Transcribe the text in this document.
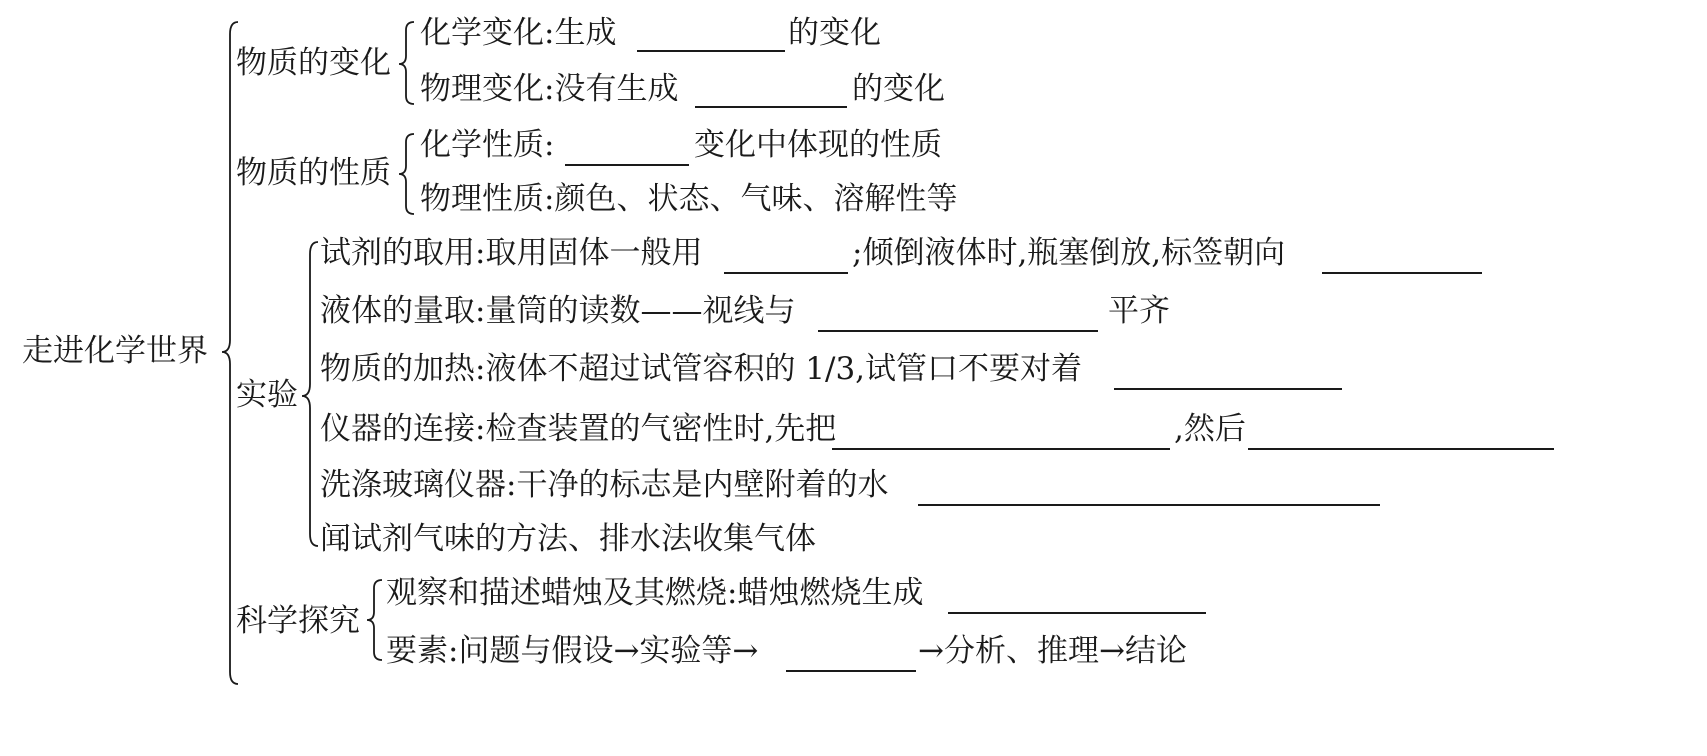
走进化学世界
物质的变化
化学变化:生成	的变化
物理变化:没有生成	的变化
物质的性质
化学性质:	变化中体现的性质
物理性质:颜色、状态、气味、溶解性等
实验
试剂的取用:取用固体一般用	;倾倒液体时,瓶塞倒放,标签朝向
液体的量取:量筒的读数——视线与	平齐
物质的加热:液体不超过试管容积的 1/3,试管口不要对着
仪器的连接:检查装置的气密性时,先把	,然后
洗涤玻璃仪器:干净的标志是内壁附着的水
闻试剂气味的方法、排水法收集气体
科学探究
观察和描述蜡烛及其燃烧:蜡烛燃烧生成
要素:问题与假设→实验等→	→分析、推理→结论
